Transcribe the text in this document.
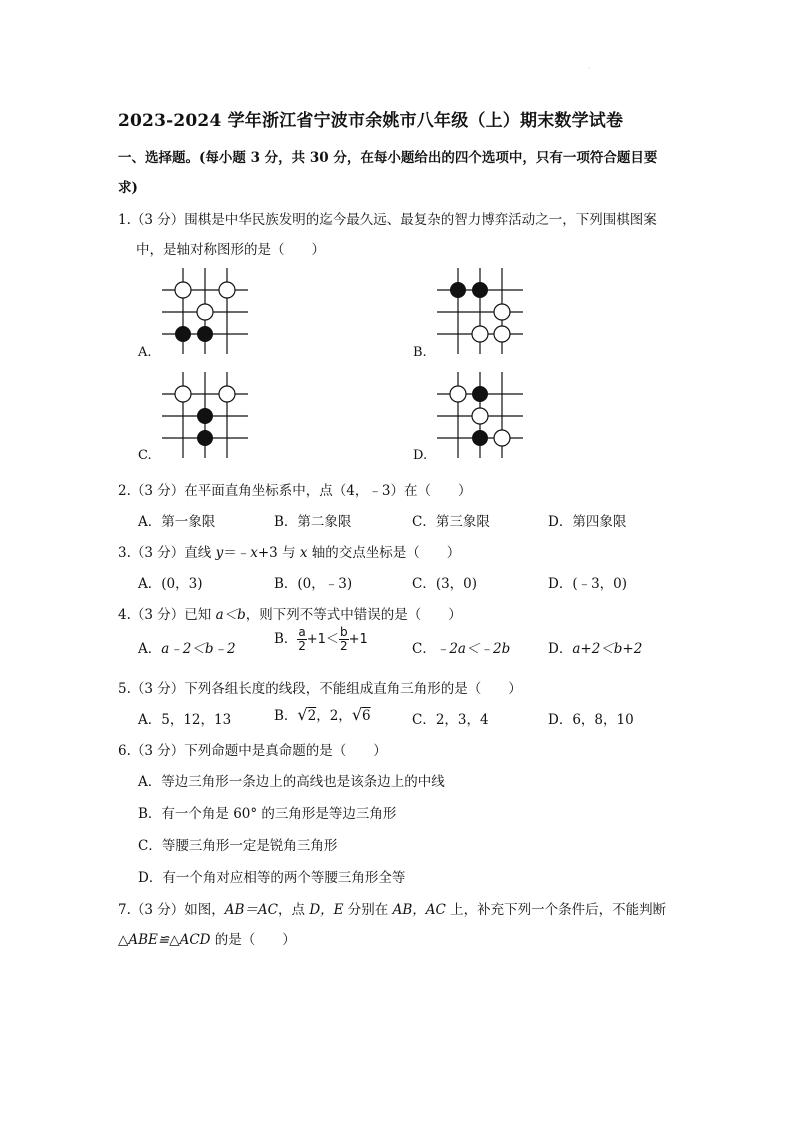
·
2023-2024 学年浙江省宁波市余姚市八年级（上）期末数学试卷
一、选择题。(每小题 3 分，共 30 分，在每小题给出的四个选项中，只有一项符合题目要
求)
1.（3 分）围棋是中华民族发明的迄今最久远、最复杂的智力博弈活动之一，下列围棋图案
中，是轴对称图形的是（　　）
A.	B.
C.	D.
2.（3 分）在平面直角坐标系中，点（4，﹣3）在（　　）
A．第一象限	B．第二象限	C．第三象限	D．第四象限
3.（3 分）直线 y＝﹣x+3 与 x 轴的交点坐标是（　　）
A．(0，3)	B．(0，﹣3)	C．(3，0)	D．(﹣3，0)
4.（3 分）已知 a＜b，则下列不等式中错误的是（　　）
A．a﹣2＜b﹣2
B． $\frac{a}{2} +1< \frac{b}{2} +1$
C．﹣2a＜﹣2b	D．a+2＜b+2
5.（3 分）下列各组长度的线段，不能组成直角三角形的是（　　）
A．5，12，13	B．√2，2，√6	C．2，3，4	D．6，8，10
6.（3 分）下列命题中是真命题的是（　　）
A．等边三角形一条边上的高线也是该条边上的中线
B．有一个角是 60° 的三角形是等边三角形
C．等腰三角形一定是锐角三角形
D．有一个角对应相等的两个等腰三角形全等
7.（3 分）如图，AB＝AC，点 D，E 分别在 AB，AC 上，补充下列一个条件后，不能判断
△ABE≌△ACD 的是（　　）
